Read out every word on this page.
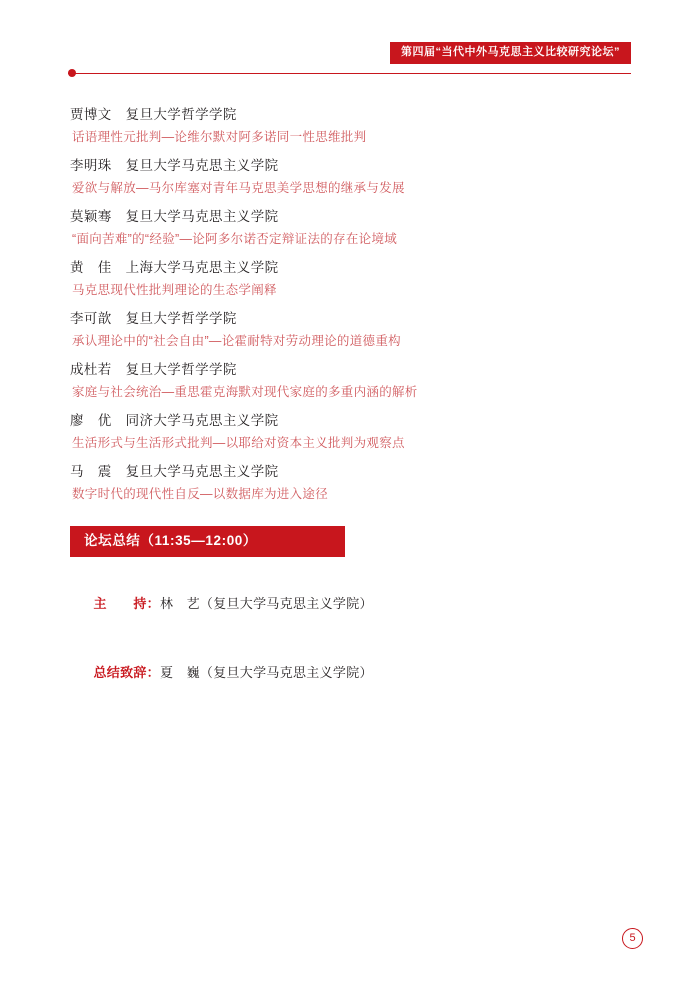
第四届“当代中外马克思主义比较研究论坛”
贾博文　复旦大学哲学学院
话语理性元批判—论维尔默对阿多诺同一性思维批判
李明珠　复旦大学马克思主义学院
爱欲与解放—马尔库塞对青年马克思美学思想的继承与发展
莫颖骞　复旦大学马克思主义学院
“面向苦难”的“经验”—论阿多尔诺否定辩证法的存在论境域
黄　佳　上海大学马克思主义学院
马克思现代性批判理论的生态学阐释
李可歆　复旦大学哲学学院
承认理论中的“社会自由”—论霍耐特对劳动理论的道德重构
成杜若　复旦大学哲学学院
家庭与社会统治—重思霍克海默对现代家庭的多重内涵的解析
廖　优　同济大学马克思主义学院
生活形式与生活形式批判—以耶给对资本主义批判为观察点
马　震　复旦大学马克思主义学院
数字时代的现代性自反—以数据库为进入途径
论坛总结（11:35—12:00）

主　　持：林　艺（复旦大学马克思主义学院）

总结致辞：夏　巍（复旦大学马克思主义学院）

5
